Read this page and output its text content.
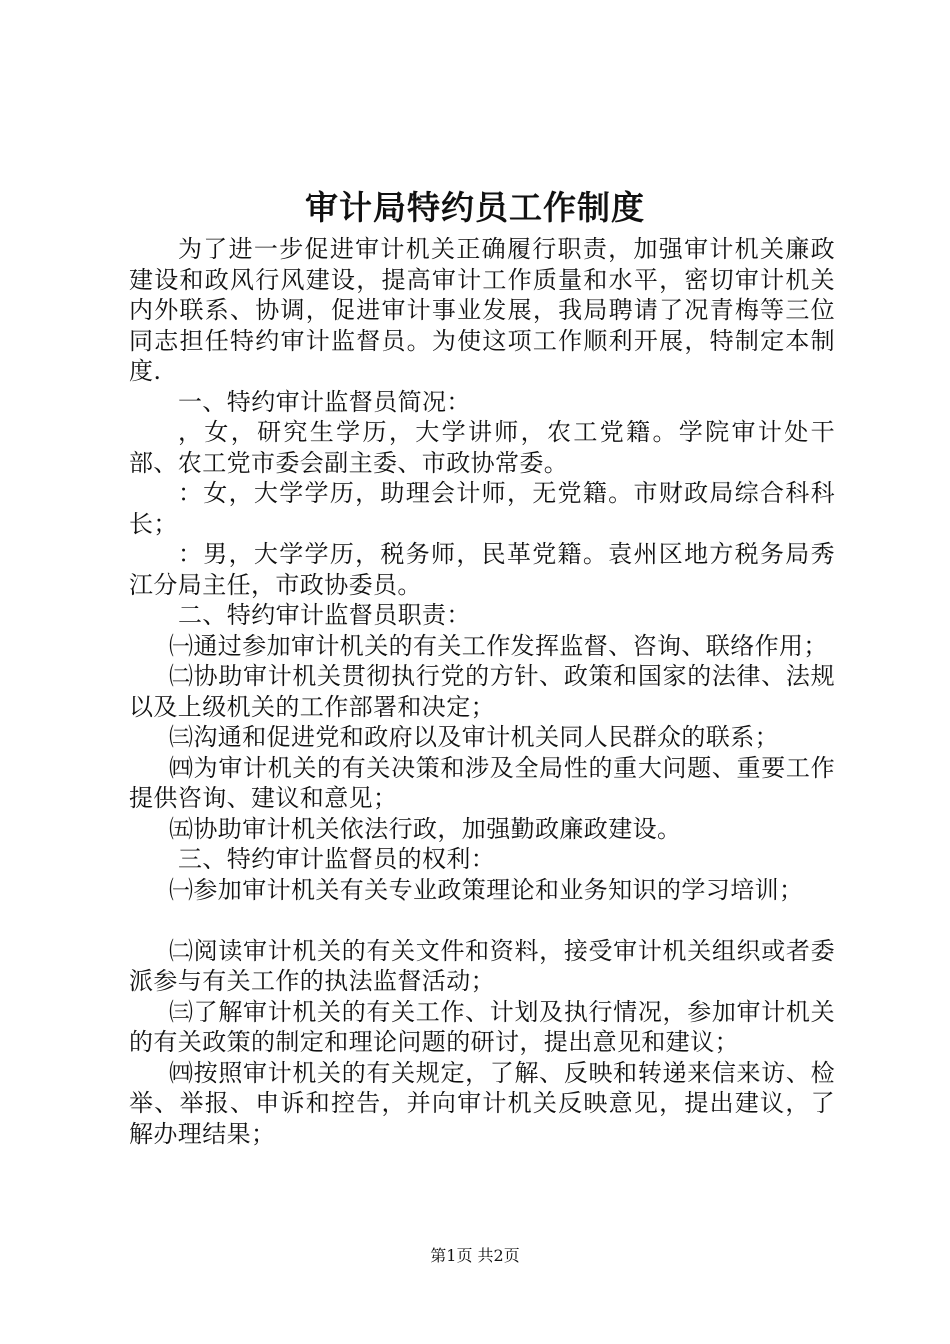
审计局特约员工作制度

为了进一步促进审计机关正确履行职责，加强审计机关廉政建设和政风行风建设，提高审计工作质量和水平，密切审计机关内外联系、协调，促进审计事业发展，我局聘请了况青梅等三位同志担任特约审计监督员。为使这项工作顺利开展，特制定本制度.

一、特约审计监督员简况：

，女，研究生学历，大学讲师，农工党籍。学院审计处干部、农工党市委会副主委、市政协常委。

：女，大学学历，助理会计师，无党籍。市财政局综合科科长；

：男，大学学历，税务师，民革党籍。袁州区地方税务局秀江分局主任，市政协委员。

二、特约审计监督员职责：

㈠通过参加审计机关的有关工作发挥监督、咨询、联络作用；

㈡协助审计机关贯彻执行党的方针、政策和国家的法律、法规以及上级机关的工作部署和决定；

㈢沟通和促进党和政府以及审计机关同人民群众的联系；

㈣为审计机关的有关决策和涉及全局性的重大问题、重要工作提供咨询、建议和意见；

㈤协助审计机关依法行政，加强勤政廉政建设。

三、特约审计监督员的权利：

㈠参加审计机关有关专业政策理论和业务知识的学习培训；

㈡阅读审计机关的有关文件和资料，接受审计机关组织或者委派参与有关工作的执法监督活动；

㈢了解审计机关的有关工作、计划及执行情况，参加审计机关的有关政策的制定和理论问题的研讨，提出意见和建议；

㈣按照审计机关的有关规定，了解、反映和转递来信来访、检举、举报、申诉和控告，并向审计机关反映意见，提出建议，了解办理结果；

第1页 共2页
